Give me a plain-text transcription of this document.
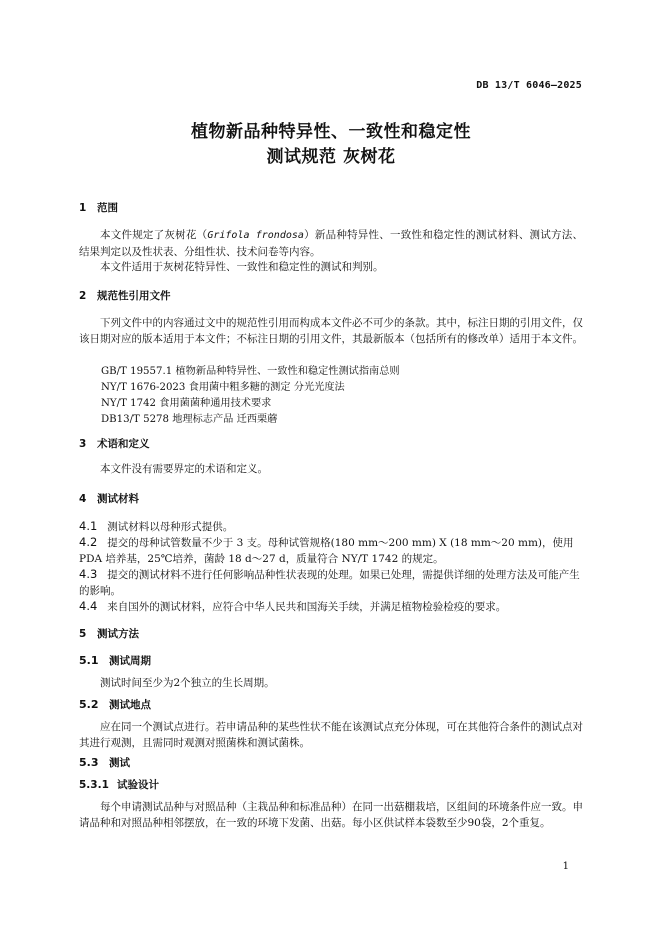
DB 13/T 6046—2025
植物新品种特异性、一致性和稳定性
测试规范 灰树花
1 范围
本文件规定了灰树花（Grifola frondosa）新品种特异性、一致性和稳定性的测试材料、测试方法、结果判定以及性状表、分组性状、技术问卷等内容。
本文件适用于灰树花特异性、一致性和稳定性的测试和判别。
2 规范性引用文件
下列文件中的内容通过文中的规范性引用而构成本文件必不可少的条款。其中，标注日期的引用文件，仅该日期对应的版本适用于本文件；不标注日期的引用文件，其最新版本（包括所有的修改单）适用于本文件。
GB/T 19557.1 植物新品种特异性、一致性和稳定性测试指南总则
NY/T 1676-2023 食用菌中粗多糖的测定 分光光度法
NY/T 1742 食用菌菌种通用技术要求
DB13/T 5278 地理标志产品 迁西栗蘑
3 术语和定义
本文件没有需要界定的术语和定义。
4 测试材料
4.1 测试材料以母种形式提供。
4.2 提交的母种试管数量不少于 3 支。母种试管规格(180 mm～200 mm) X (18 mm～20 mm)，使用PDA 培养基，25℃培养，菌龄 18 d～27 d，质量符合 NY/T 1742 的规定。
4.3 提交的测试材料不进行任何影响品种性状表现的处理。如果已处理，需提供详细的处理方法及可能产生的影响。
4.4 来自国外的测试材料，应符合中华人民共和国海关手续，并满足植物检验检疫的要求。
5 测试方法
5.1 测试周期
测试时间至少为2个独立的生长周期。
5.2 测试地点
应在同一个测试点进行。若申请品种的某些性状不能在该测试点充分体现，可在其他符合条件的测试点对其进行观测，且需同时观测对照菌株和测试菌株。
5.3 测试
5.3.1 试验设计
每个申请测试品种与对照品种（主栽品种和标准品种）在同一出菇棚栽培，区组间的环境条件应一致。申请品种和对照品种相邻摆放，在一致的环境下发菌、出菇。每小区供试样本袋数至少90袋，2个重复。
1
